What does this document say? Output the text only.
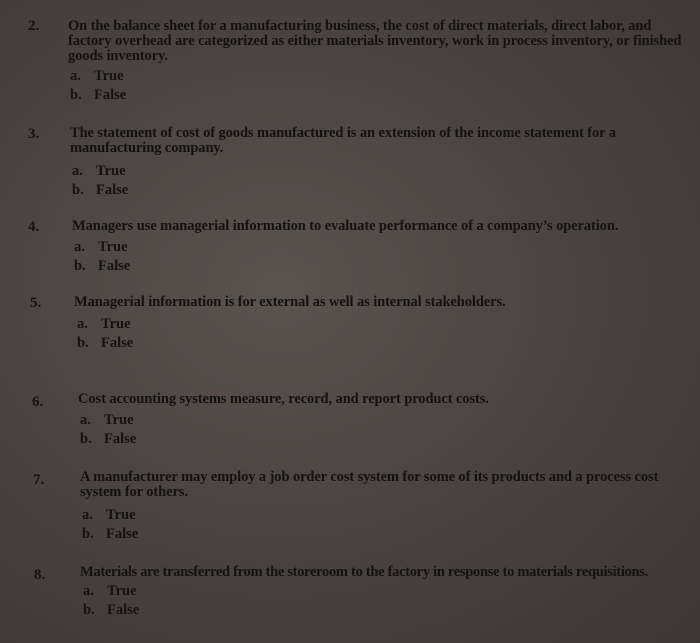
2. On the balance sheet for a manufacturing business, the cost of direct materials, direct labor, and factory overhead are categorized as either materials inventory, work in process inventory, or finished goods inventory.
a. True
b. False
3. The statement of cost of goods manufactured is an extension of the income statement for a manufacturing company.
a. True
b. False
4. Managers use managerial information to evaluate performance of a company’s operation.
a. True
b. False
5. Managerial information is for external as well as internal stakeholders.
a. True
b. False
6. Cost accounting systems measure, record, and report product costs.
a. True
b. False
7. A manufacturer may employ a job order cost system for some of its products and a process cost system for others.
a. True
b. False
8. Materials are transferred from the storeroom to the factory in response to materials requisitions.
a. True
b. False
